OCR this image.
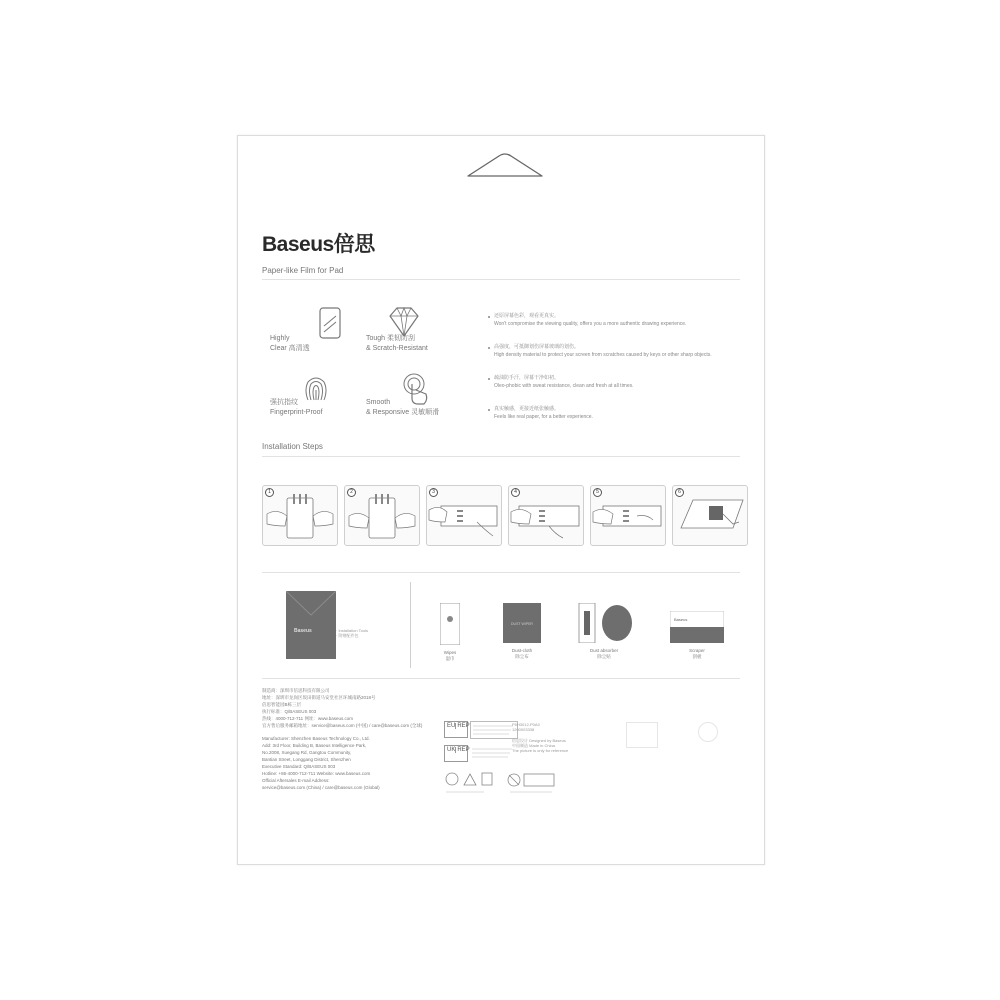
Baseus倍思
Paper-like Film for Pad
Highly
Clear 高清透
Tough 柔韧防刮
& Scratch-Resistant
强抗指纹
Fingerprint-Proof
Smooth
& Responsive 灵敏顺滑
还原屏幕色彩，观看更真实。
Won't compromise the viewing quality, offers you a more authentic drawing experience.
高强度，可抵御划伤屏幕玻璃的划伤。
High density material to protect your screen from scratches caused by keys or other sharp objects.
疏油防手汗，屏幕干净如初。
Oleo-phobic with sweat resistance, clean and fresh at all times.
真实触感，更接近纸张触感。
Feels like real paper, for a better experience.
Installation Steps
1	2	3	4	5	6
Baseus	· Installation Tools
· 附赠配件包
Wipes
湿巾
DUST WIPER
Dust-cloth
除尘布
Dust absorber
除尘贴
Baseus
Scraper
刮板
制造商：深圳市倍思科技有限公司
地址：深圳市龙岗区坂田街道马安堂社区环城南路2018号
倍思智能园B栋三层
执行标准：Q/BASEUS 003
热线：4000-712-711 网址：www.baseus.com
官方售后服务邮箱地址：service@baseus.com (中国) / care@baseus.com (全球)
Manufacturer: Shenzhen Baseus Technology Co., Ltd.
Add: 3rd Floor, Building B, Baseus Intelligence Park,
No.2008, Xuegang Rd, Gangtou Community,
Bantian Street, Longgang District, Shenzhen
Executive Standard: Q/BASEUS 003
Hotline: +86-4000-712-711 Website: www.baseus.com
Official Aftersales E-mail Address:
service@baseus.com (China) / care@baseus.com (Global)
EU REP
UK REP
P5H3012-P0A0
1200003338
倍思设计 Designed by Baseus
中国制造 Made in China
The picture is only for reference
